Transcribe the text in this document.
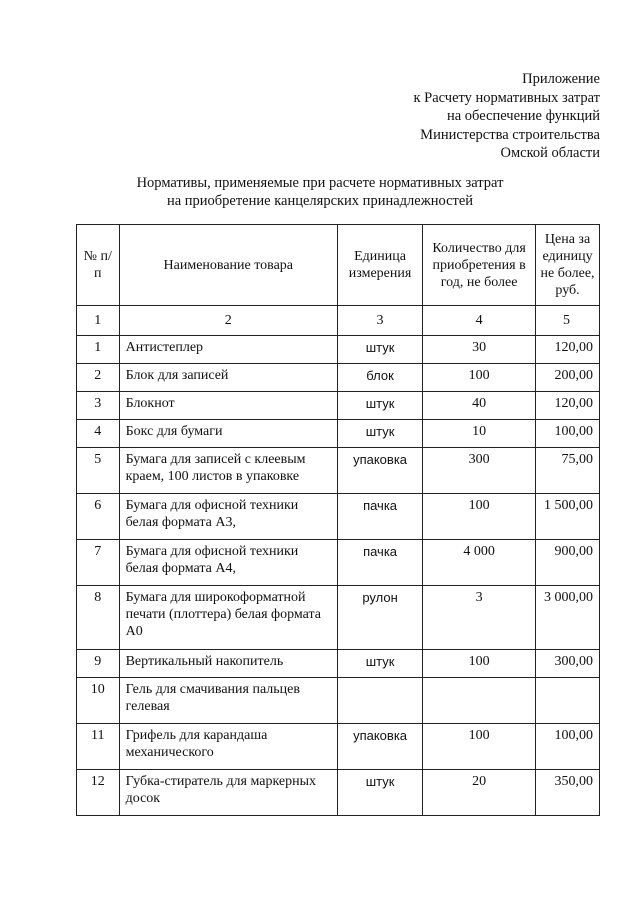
Приложение
к Расчету нормативных затрат
на обеспечение функций
Министерства строительства
Омской области
Нормативы, применяемые при расчете нормативных затрат
на приобретение канцелярских принадлежностей
№ п/п	Наименование товара	Единица измерения	Количество для приобретения в год, не более	Цена за единицу не более, руб.
1	2	3	4	5
1	Антистеплер	штук	30	120,00
2	Блок для записей	блок	100	200,00
3	Блокнот	штук	40	120,00
4	Бокс для бумаги	штук	10	100,00
5	Бумага для записей с клеевым краем, 100 листов в упаковке	упаковка	300	75,00
6	Бумага для офисной техники белая формата А3,	пачка	100	1 500,00
7	Бумага для офисной техники белая формата А4,	пачка	4 000	900,00
8	Бумага для широкоформатной печати (плоттера) белая формата А0	рулон	3	3 000,00
9	Вертикальный накопитель	штук	100	300,00
10	Гель для смачивания пальцев гелевая			
11	Грифель для карандаша механического	упаковка	100	100,00
12	Губка-стиратель для маркерных досок	штук	20	350,00
